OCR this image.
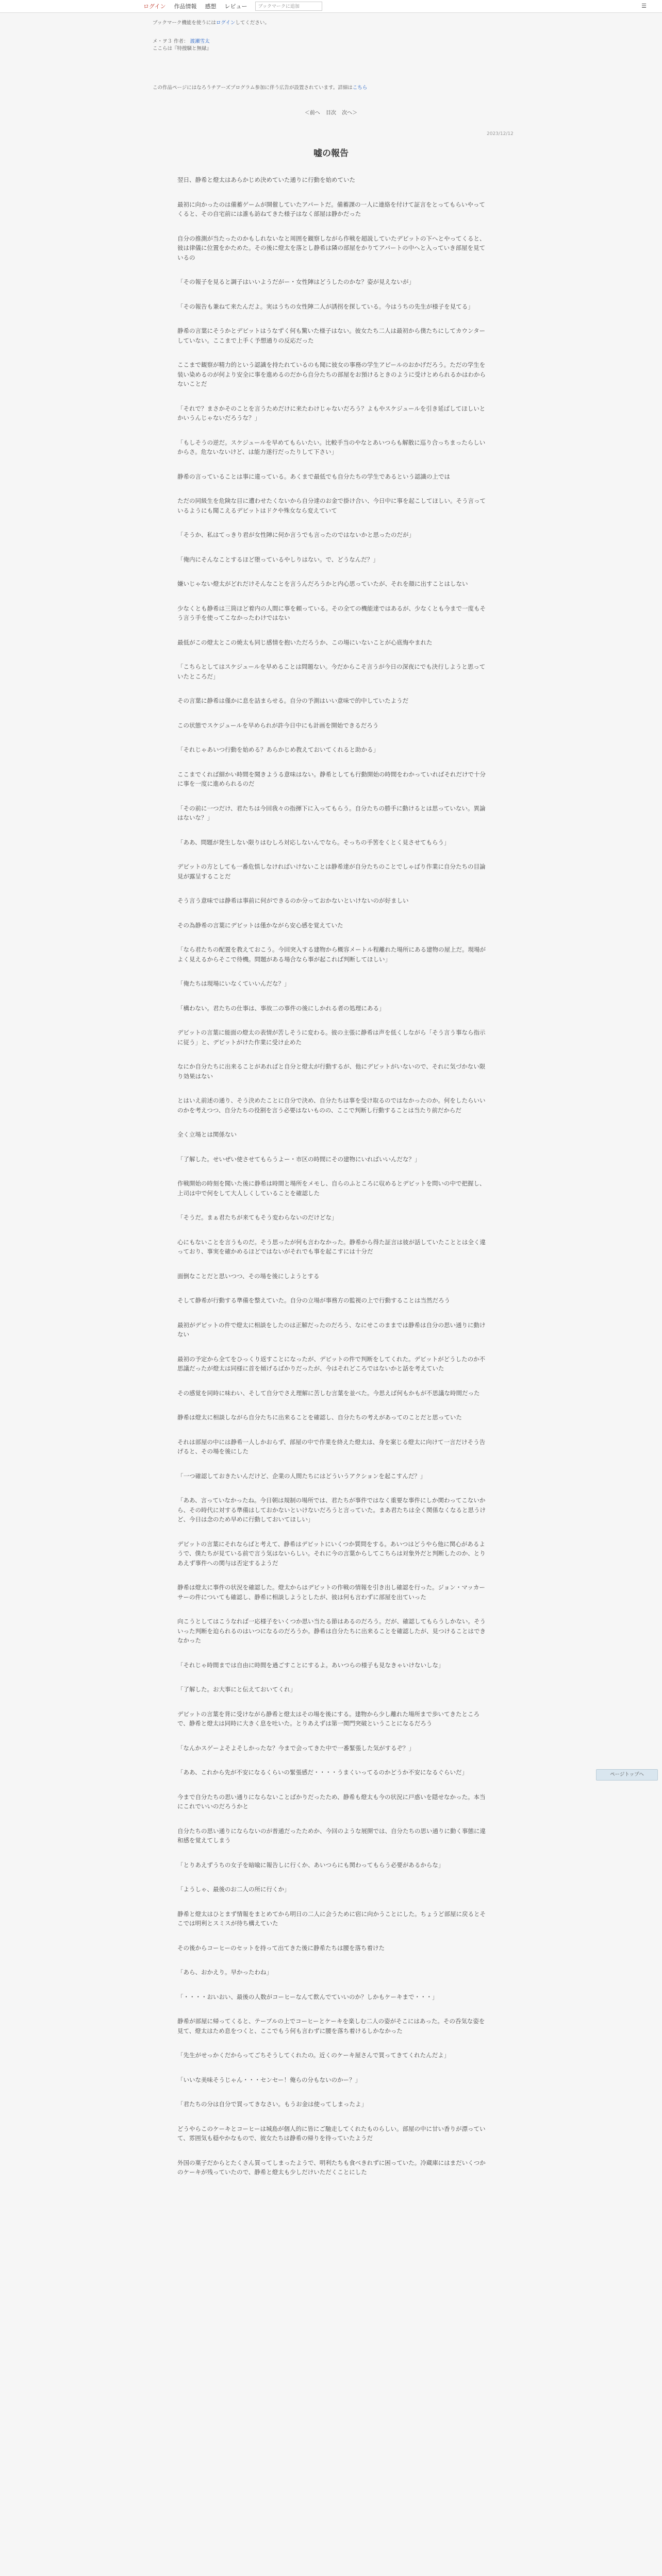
ログイン 作品情報 感想 レビュー	ブックマークに追加	☰
ブックマーク機能を使うにはログインしてください。
メ・ヲ３ 作者： 渡瀬雪太
ここらは『特捜騒と無縁』
この作品ページにはなろうチアーズプログラム参加に伴う広告が設置されています。詳細はこちら
＜前へ 目次 次へ＞
2023/12/12
嘘の報告

翌日、静希と燈太はあらかじめ決めていた通りに行動を始めていた

最初に向かったのは備蓄ゲームが開催していたアパートだ。備蓄課の一人に連絡を付けて証言をとってもらいやってくると、その自宅前には誰も訪ねてきた様子はなく部屋は静かだった

自分の推測が当たったのかもしれないなと周囲を観察しながら作戦を超説していたデビットの下へとやってくると、彼は律儀に位置をかためた。その後に燈太を落とし静希は隣の部屋をかりてアパートの中へと入っていき部屋を見ているの

「その報子を見ると調子はいいようだがー・女性陣はどうしたのかな？姿が見えないが」

「その報告も兼ねて来たんだよ。実はうちの女性陣二人が誘拐を探している。今はうちの先生が様子を見てる」

静希の言葉にそうかとデビットはうなずく何も驚いた様子はない。彼女たち二人は最初から僕たちにしてカウンターしていない。ここまで上手く予想通りの反応だった

ここまで観察が精力的という認識を持たれているのも聞に彼女の事務の学生アピールのおかげだろう。ただの学生を装い染めるのが何より安全に事を進めるのだから自分たちの部屋をお預けるときのように受けとめられるかはわからないことだ

「それで？まさかそのことを言うためだけに来たわけじゃないだろう？よもやスケジュールを引き延ばしてほしいとかいうんじゃないだろうな？」

「もしそうの逆だ。スケジュールを早めてもらいたい。比較手当のやなとあいつらも解散に巡り合っちまったらしいからさ。危ないないけど、は能力遂行だったりして下さい」

静希の言っていることは事に違っている。あくまで最低でも自分たちの学生であるという認識の上では

ただの同級生を危険な目に遭わせたくないから自分達のお金で掛け合い、今日中に事を起こしてほしい。そう言っているようにも聞こえるデビットはドクや殊女なら変えていて

「そうか、私はてっきり君が女性陣に何か言うでも言ったのではないかと思ったのだが」

「俺内にそんなことするほど堕っているやしりはない。で、どうなんだ？」

嫌いじゃない燈太がどれだけそんなことを言うんだろうかと内心思っていたが、それを顔に出すことはしない

少なくとも静希は三筒ほど着内の人間に事を頼っている。その全ての機能達ではあるが、少なくとも今まで一度もそう言う手を使ってこなかったわけではない

最低がこの燈太とこの焼太も同じ感情を抱いただろうか、この場にいないことが心底悔やまれた

「こちらとしてはスケジュールを早めることは問題ない。今だからこそ言うが今日の深夜にでも決行しようと思っていたところだ」

その言葉に静希は僅かに息を詰まらせる。自分の予測はいい意味で的中していたようだ

この状態でスケジュールを早められが許今日中にも計画を開始できるだろう

「それじゃあいつ行動を始める？あらかじめ教えておいてくれると助かる」

ここまでくれば細かい時間を聞きようる意味はない。静希としても行動開始の時間をわかっていればそれだけで十分に事を一度に進められるのだ

「その前に一つだけ、君たちは今回我々の指揮下に入ってもらう。自分たちの勝手に動けるとは思っていない。異論はないな？」

「ああ、問題が発生しない限りはむしろ対応しないんでなら。そっちの手筈をくとく見させてもらう」

デビットの方としても一番危惧しなければいけないことは静希達が自分たちのことでしゃばり作業に自分たちの目論見が露呈することだ

そう言う意味では静希は事前に何ができるのか分っておかないといけないのが好ましい

その為静希の言葉にデビットは僅かながら安心感を覚えていた

「なら君たちの配置を教えておこう。今回突入する建物から概容メートル程離れた場所にある建物の屋上だ。現場がよく見えるからそこで待機。問題がある場合なら事が起これば判断してほしい」

「俺たちは現場にいなくていいんだな？」

「構わない。君たちの仕事は、事故二の事件の後にしかれる者の処理にある」

デビットの言葉に能面の燈太の表情が苦しそうに変わる。彼の主張に静希は声を低くしながら「そう言う事なら指示に従う」と、デビットがけた作業に受け止めた

なにか自分たちに出来ることがあればと自分と燈太が行動するが、他にデビットがいないので、それに気づかない限り効果はない

とはいえ前述の通り、そう決めたことに自分で決め、自分たちは事を受け取るのではなかったのか。何をしたらいいのかを考えつつ、自分たちの役割を言う必要はないものの、ここで判断し行動することは当たり前だからだ

全く立場とは関係ない

「了解した。せいぜい使させてもらうよー・市区の時間にその建物にいればいいんだな？」

作戦開始の時刻を聞いた後に静希は時間と場所をメモし、自らのふところに収めるとデビットを問いの中で把握し、上司は中で何をして大人しくしていることを確認した

「そうだ。まぁ君たちが来てもそう変わらないのだけどな」

心にもないことを言うものだ。そう思ったが何も言わなかった。静希から得た証言は彼が話していたこととは全く違っており、事実を確かめるほどではないがそれでも事を起こすには十分だ

面倒なことだと思いつつ、その場を後にしようとする

そして静希が行動する準備を整えていた。自分の立場が事務方の監視の上で行動することは当然だろう

最初がデビットの件で燈太に相談をしたのは正解だったのだろう、なにせこのままでは静希は自分の思い通りに動けない

最初の予定から全てをひっくり返すことになったが、デビットの件で判断をしてくれた。デビットがどうしたのか不思議だったが燈太は同様に首を傾げるばかりだったが、今はそれどころではないかと話を考えていた

その感覚を同時に味わい、そして自分でさえ理解に苦しむ言葉を並べた。今思えば何もかもが不思議な時間だった

静希は燈太に相談しながら自分たちに出来ることを確認し、自分たちの考えがあってのことだと思っていた

それは部屋の中には静希一人しかおらず、部屋の中で作業を終えた燈太は、身を案じる燈太に向けて一言だけそう告げると、その場を後にした

「一つ確認しておきたいんだけど、企業の人間たちにはどういうアクションを起こすんだ？」

「ああ、言っていなかったね。今日朝は規制の場所では、君たちが事件ではなく重要な事件にしか関わってこないから、その時代に対する準備はしておかないといけないだろうと言っていた。まあ君たちは全く関係なくなると思うけど、今日は念のため早めに行動しておいてほしい」

デビットの言葉にそれならばと考えて、静希はデビットにいくつか質問をする。あいつはどうやら他に関心があるようで、僕たちが見ている前で言う気はないらしい。それに今の言葉からしてこちらは対象外だと判断したのか、とりあえず事件への関与は否定するようだ

静希は燈太に事件の状況を確認した。燈太からはデビットの作戦の情報を引き出し確認を行った。ジョン・マッカーサーの件についても確認し、静希に相談しようとしたが、彼は何も言わずに部屋を出ていった

向こうとしてはこうなれば一応様子をいくつか思い当たる節はあるのだろう。だが、確認してもらうしかない。そういった判断を迫られるのはいつになるのだろうか。静希は自分たちに出来ることを確認したが、見つけることはできなかった

「それじゃ時間までは自由に時間を過ごすことにするよ。あいつらの様子も見なきゃいけないしな」

「了解した。お大事にと伝えておいてくれ」

デビットの言葉を背に受けながら静希と燈太はその場を後にする。建物から少し離れた場所まで歩いてきたところで、静希と燈太は同時に大きく息を吐いた。とりあえずは第一関門突破ということになるだろう

「なんかスゲーよそよそしかったな？今まで会ってきた中で一番緊張した気がするぞ？」

「ああ、これから先が不安になるくらいの緊張感だ・・・・うまくいってるのかどうか不安になるぐらいだ」

今まで自分たちの思い通りにならないことばかりだったため、静希も燈太も今の状況に戸惑いを隠せなかった。本当にこれでいいのだろうかと

自分たちの思い通りにならないのが普通だったためか、今回のような展開では、自分たちの思い通りに動く事態に違和感を覚えてしまう

「とりあえずうちの女子を暗喩に報告しに行くか、あいつらにも関わってもらう必要があるからな」

「ようしゃ、最後のお二人の所に行くか」

静希と燈太はひとまず情報をまとめてから明日の二人に会うために宿に向かうことにした。ちょうど部屋に戻るとそこでは明利とスミスが待ち構えていた

その後からコーヒーのセットを持って出てきた後に静希たちは腰を落ち着けた

「あら、おかえり。早かったわね」

「・・・・おいおい、最後の人数がコーヒーなんて飲んでていいのか？しかもケーキまで・・・」

静希が部屋に帰ってくると、テーブルの上でコーヒーとケーキを楽しむ二人の姿がそこにはあった。その呑気な姿を見て、燈太はため息をつくと、ここでもう何も言わずに腰を落ち着けるしかなかった

「先生がせっかくだからってごちそうしてくれたの。近くのケーキ屋さんで買ってきてくれたんだよ」

「いいな美味そうじゃん・・・センセー！俺らの分もないのかー？」

「君たちの分は自分で買ってきなさい。もうお金は使ってしまったよ」

どうやらこのケーキとコーヒーは城島が個人的に皆にご馳走してくれたものらしい。部屋の中に甘い香りが漂っていて、雰囲気も穏やかなもので、彼女たちは静希の帰りを待っていたようだ

外国の菓子だからとたくさん買ってしまったようで、明利たちも食べきれずに困っていた。冷蔵庫にはまだいくつかのケーキが残っていたので、静希と燈太も少しだけいただくことにした

ページトップへ
